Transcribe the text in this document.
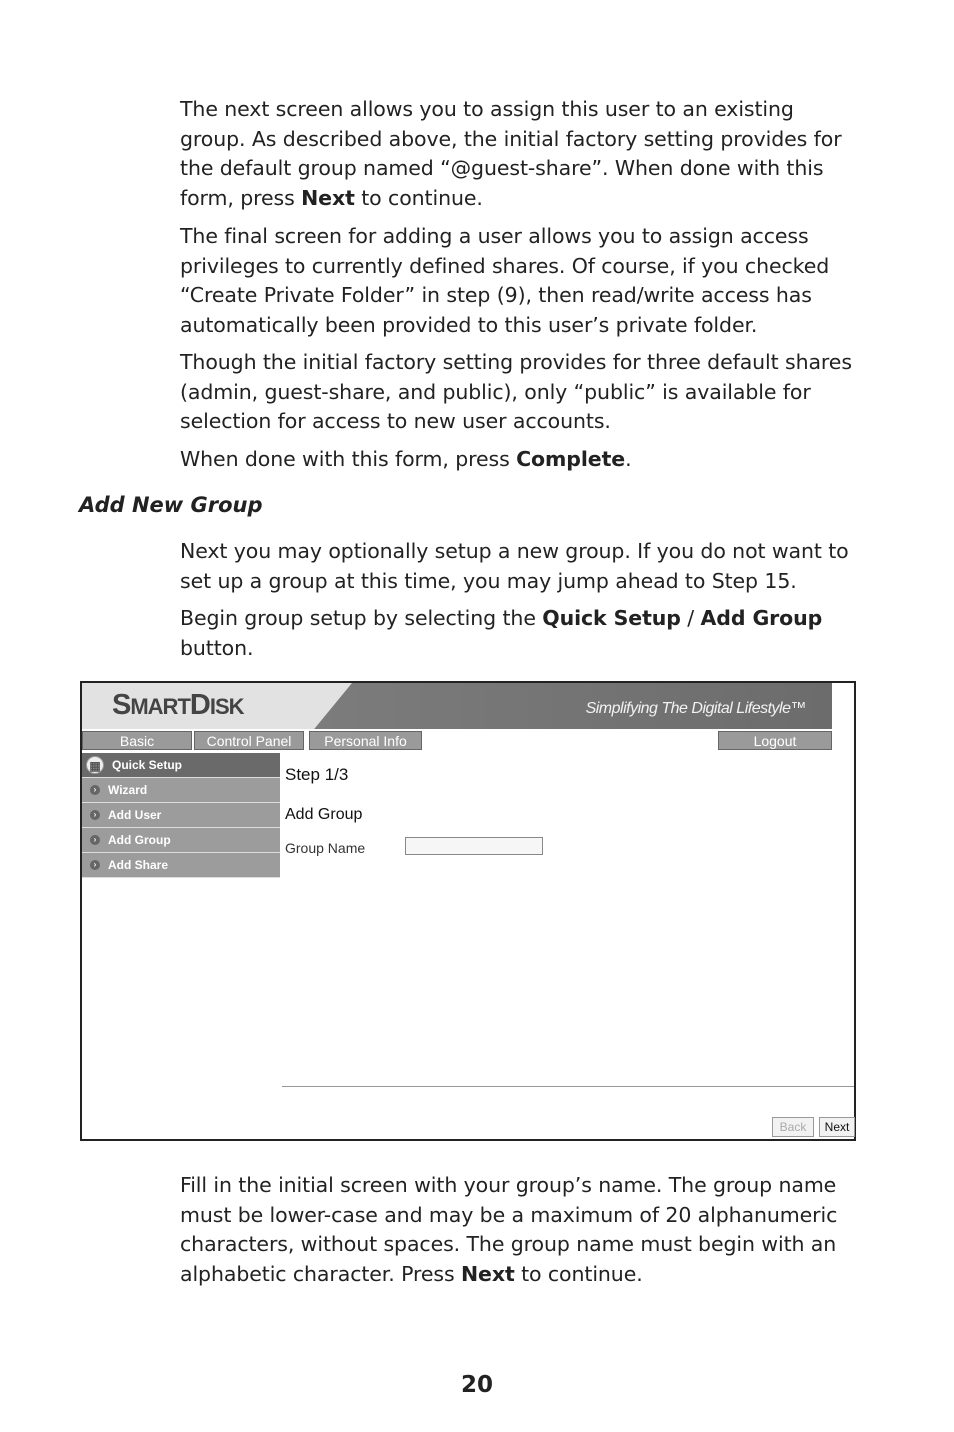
The next screen allows you to assign this user to an existing group. As described above, the initial factory setting provides for the default group named “@guest-share”. When done with this form, press Next to continue.

The final screen for adding a user allows you to assign access privileges to currently defined shares. Of course, if you checked “Create Private Folder” in step (9), then read/write access has automatically been provided to this user’s private folder.

Though the initial factory setting provides for three default shares (admin, guest-share, and public), only “public” is available for selection for access to new user accounts.

When done with this form, press Complete.

Add New Group

Next you may optionally setup a new group. If you do not want to set up a group at this time, you may jump ahead to Step 15.

Begin group setup by selecting the Quick Setup / Add Group button.

SMARTDISK	Simplifying The Digital Lifestyle™
Basic	Control Panel	Personal Info	Logout
▦ Quick Setup
› Wizard
› Add User
› Add Group
› Add Share
Step 1/3
Add Group
Group Name
Back	Next

Fill in the initial screen with your group’s name. The group name must be lower-case and may be a maximum of 20 alphanumeric characters, without spaces. The group name must begin with an alphabetic character. Press Next to continue.

20
